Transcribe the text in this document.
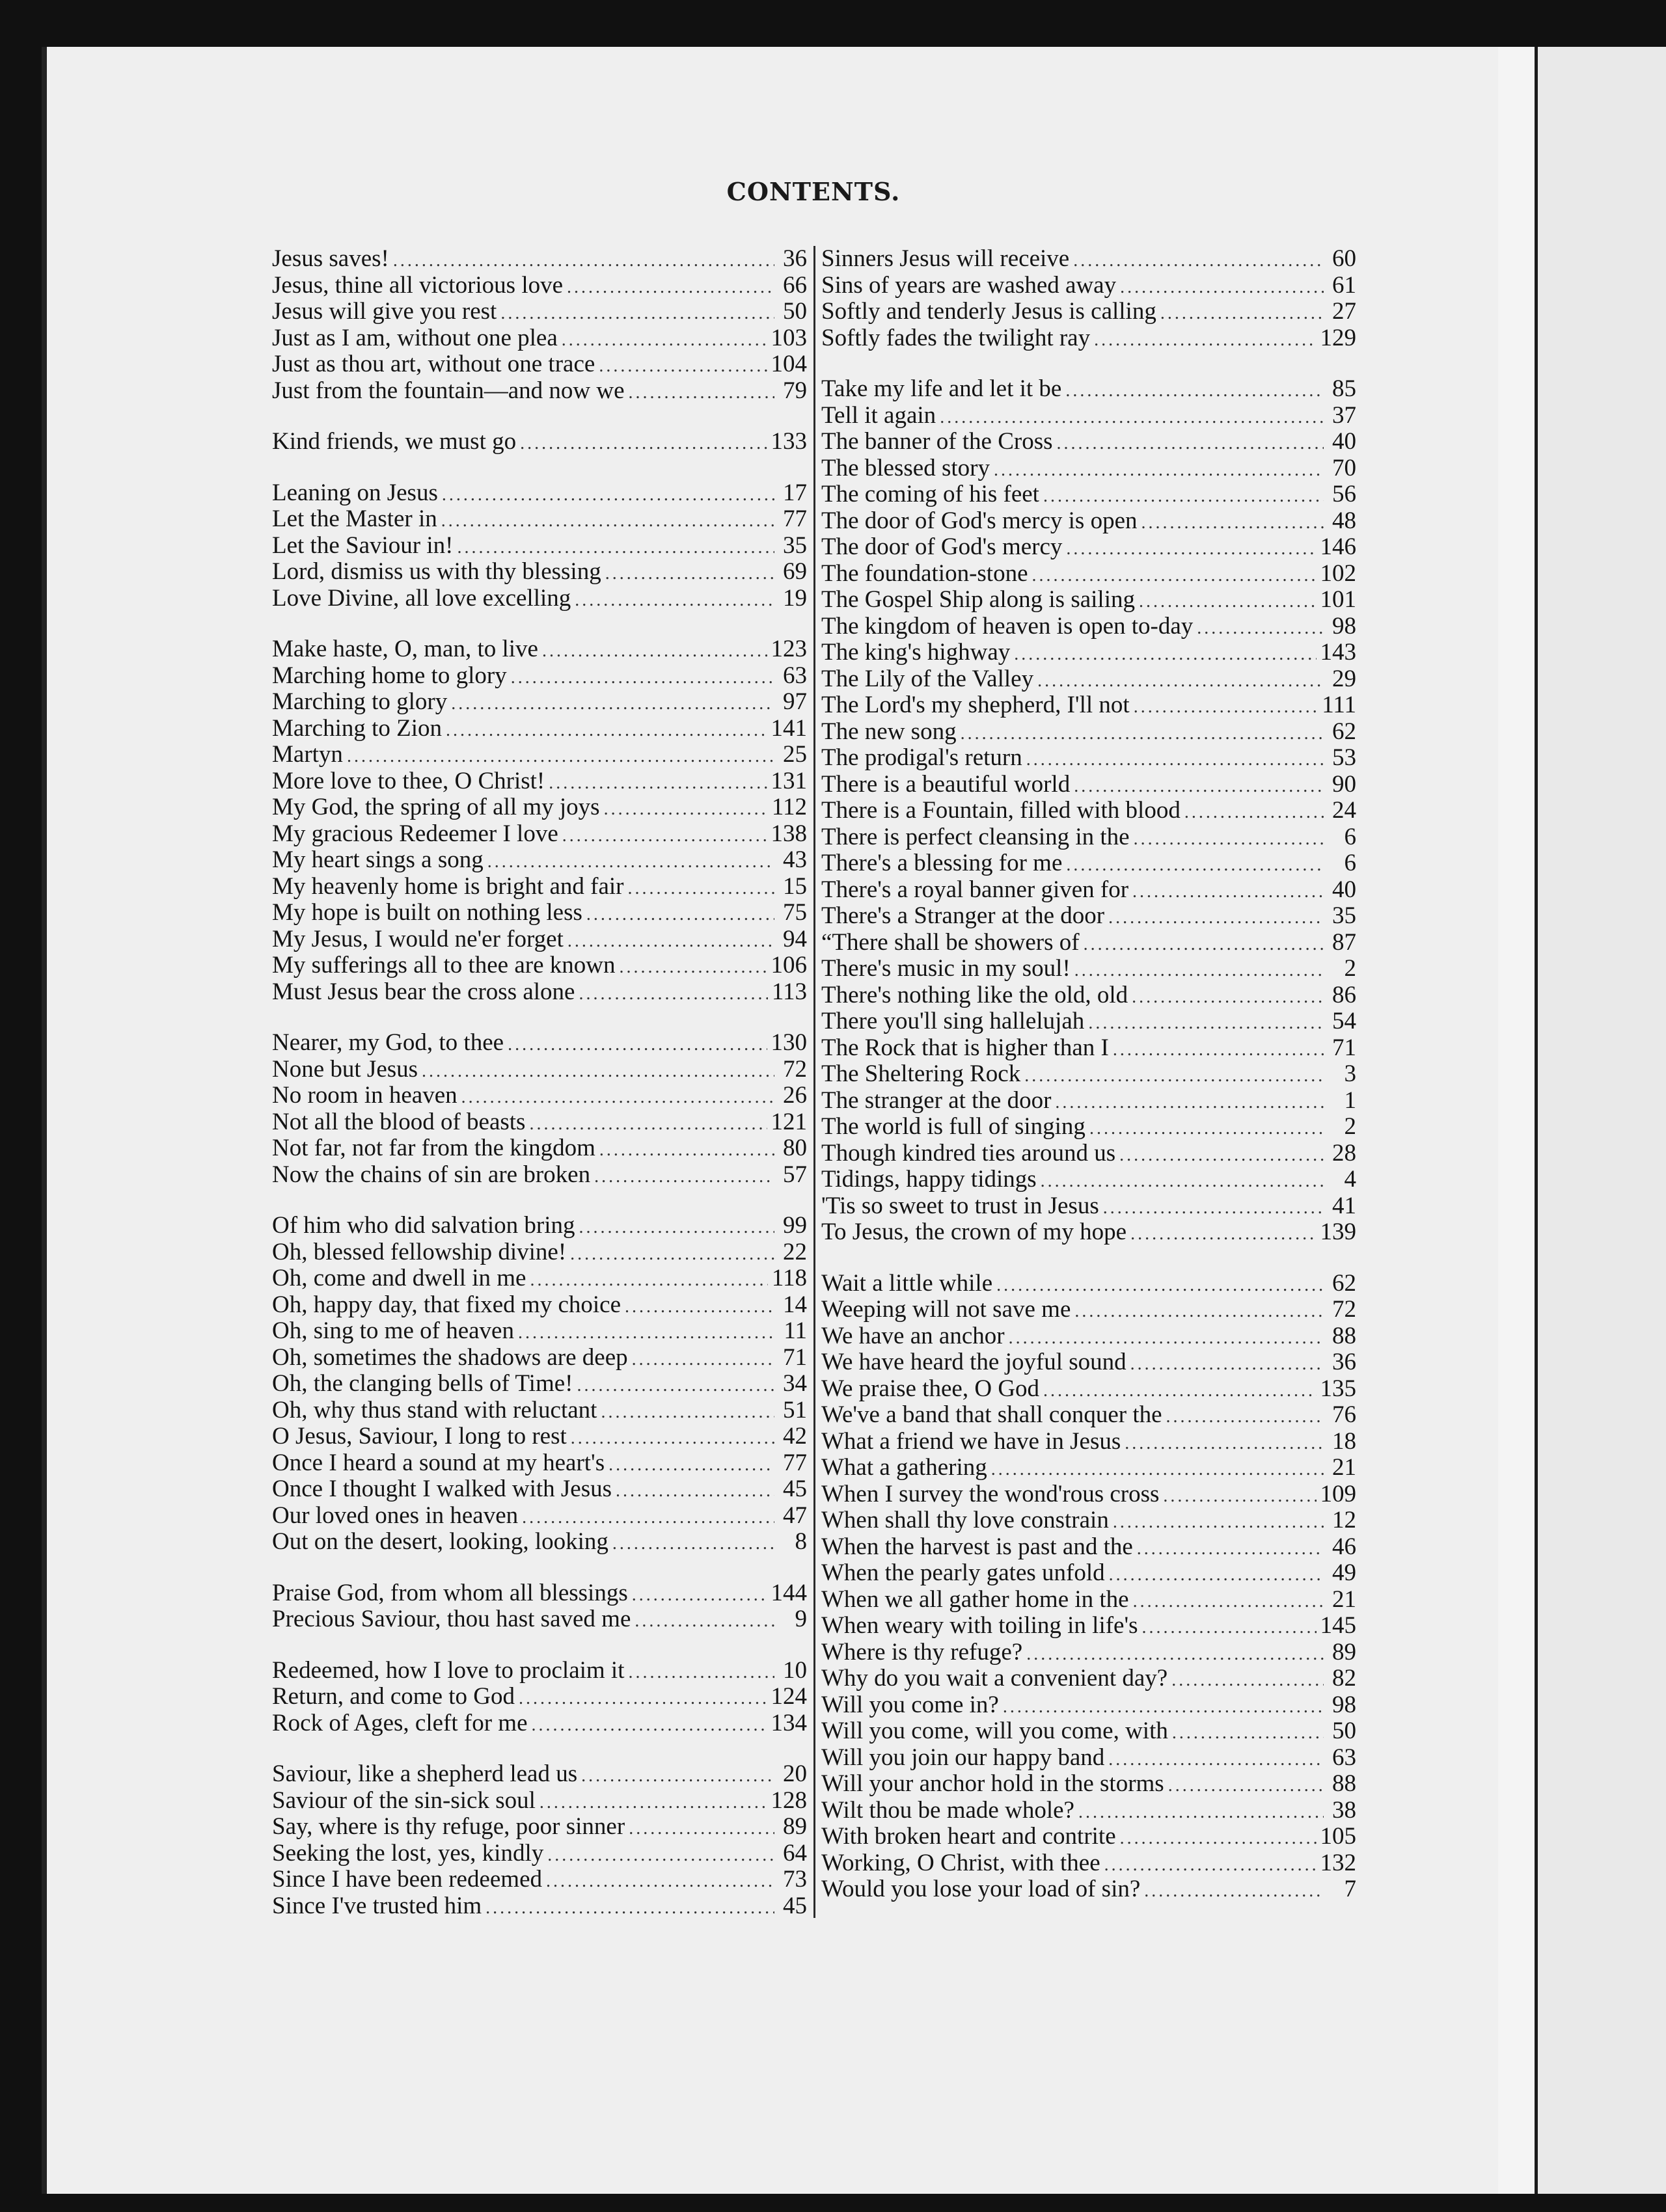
CONTENTS.
Jesus saves! .....	36
Jesus, thine all victorious love .....	66
Jesus will give you rest .....	50
Just as I am, without one plea .....	103
Just as thou art, without one trace .....	104
Just from the fountain—and now we .....	79
Kind friends, we must go .....	133
Leaning on Jesus .....	17
Let the Master in .....	77
Let the Saviour in! .....	35
Lord, dismiss us with thy blessing .....	69
Love Divine, all love excelling .....	19
Make haste, O, man, to live .....	123
Marching home to glory .....	63
Marching to glory .....	97
Marching to Zion .....	141
Martyn .....	25
More love to thee, O Christ! .....	131
My God, the spring of all my joys .....	112
My gracious Redeemer I love .....	138
My heart sings a song .....	43
My heavenly home is bright and fair .....	15
My hope is built on nothing less .....	75
My Jesus, I would ne'er forget .....	94
My sufferings all to thee are known .....	106
Must Jesus bear the cross alone .....	113
Nearer, my God, to thee .....	130
None but Jesus .....	72
No room in heaven .....	26
Not all the blood of beasts .....	121
Not far, not far from the kingdom .....	80
Now the chains of sin are broken .....	57
Of him who did salvation bring .....	99
Oh, blessed fellowship divine! .....	22
Oh, come and dwell in me .....	118
Oh, happy day, that fixed my choice .....	14
Oh, sing to me of heaven .....	11
Oh, sometimes the shadows are deep .....	71
Oh, the clanging bells of Time! .....	34
Oh, why thus stand with reluctant .....	51
O Jesus, Saviour, I long to rest .....	42
Once I heard a sound at my heart's .....	77
Once I thought I walked with Jesus .....	45
Our loved ones in heaven .....	47
Out on the desert, looking, looking .....	8
Praise God, from whom all blessings .....	144
Precious Saviour, thou hast saved me .....	9
Redeemed, how I love to proclaim it .....	10
Return, and come to God .....	124
Rock of Ages, cleft for me .....	134
Saviour, like a shepherd lead us .....	20
Saviour of the sin-sick soul .....	128
Say, where is thy refuge, poor sinner .....	89
Seeking the lost, yes, kindly .....	64
Since I have been redeemed .....	73
Since I've trusted him .....	45
Sinners Jesus will receive .....	60
Sins of years are washed away .....	61
Softly and tenderly Jesus is calling .....	27
Softly fades the twilight ray .....	129
Take my life and let it be .....	85
Tell it again .....	37
The banner of the Cross .....	40
The blessed story .....	70
The coming of his feet .....	56
The door of God's mercy is open .....	48
The door of God's mercy .....	146
The foundation-stone .....	102
The Gospel Ship along is sailing .....	101
The kingdom of heaven is open to-day .....	98
The king's highway .....	143
The Lily of the Valley .....	29
The Lord's my shepherd, I'll not .....	111
The new song .....	62
The prodigal's return .....	53
There is a beautiful world .....	90
There is a Fountain, filled with blood .....	24
There is perfect cleansing in the .....	6
There's a blessing for me .....	6
There's a royal banner given for .....	40
There's a Stranger at the door .....	35
“There shall be showers of .....	87
There's music in my soul! .....	2
There's nothing like the old, old .....	86
There you'll sing hallelujah .....	54
The Rock that is higher than I .....	71
The Sheltering Rock .....	3
The stranger at the door .....	1
The world is full of singing .....	2
Though kindred ties around us .....	28
Tidings, happy tidings .....	4
'Tis so sweet to trust in Jesus .....	41
To Jesus, the crown of my hope .....	139
Wait a little while .....	62
Weeping will not save me .....	72
We have an anchor .....	88
We have heard the joyful sound .....	36
We praise thee, O God .....	135
We've a band that shall conquer the .....	76
What a friend we have in Jesus .....	18
What a gathering .....	21
When I survey the wond'rous cross .....	109
When shall thy love constrain .....	12
When the harvest is past and the .....	46
When the pearly gates unfold .....	49
When we all gather home in the .....	21
When weary with toiling in life's .....	145
Where is thy refuge? .....	89
Why do you wait a convenient day? .....	82
Will you come in? .....	98
Will you come, will you come, with .....	50
Will you join our happy band .....	63
Will your anchor hold in the storms .....	88
Wilt thou be made whole? .....	38
With broken heart and contrite .....	105
Working, O Christ, with thee .....	132
Would you lose your load of sin? .....	7
